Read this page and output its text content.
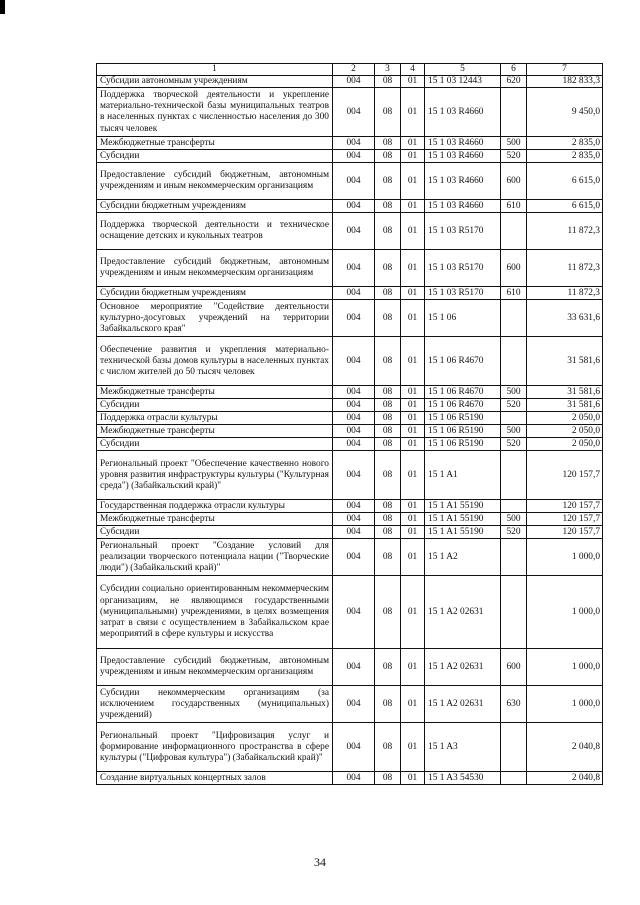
1	2	3	4	5	6	7
Субсидии автономным учреждениям	004	08	01	15 1 03 12443	620	182 833,3
Поддержка творческой деятельности и укрепление материально-технической базы муниципальных театров в населенных пунктах с численностью населения до 300 тысяч человек	004	08	01	15 1 03 R4660		9 450,0
Межбюджетные трансферты	004	08	01	15 1 03 R4660	500	2 835,0
Субсидии	004	08	01	15 1 03 R4660	520	2 835,0
Предоставление субсидий бюджетным, автономным учреждениям и иным некоммерческим организациям	004	08	01	15 1 03 R4660	600	6 615,0
Субсидии бюджетным учреждениям	004	08	01	15 1 03 R4660	610	6 615,0
Поддержка творческой деятельности и техническое оснащение детских и кукольных театров	004	08	01	15 1 03 R5170		11 872,3
Предоставление субсидий бюджетным, автономным учреждениям и иным некоммерческим организациям	004	08	01	15 1 03 R5170	600	11 872,3
Субсидии бюджетным учреждениям	004	08	01	15 1 03 R5170	610	11 872,3
Основное мероприятие "Содействие деятельности культурно-досуговых учреждений на территории Забайкальского края"	004	08	01	15 1 06		33 631,6
Обеспечение развития и укрепления материально-технической базы домов культуры в населенных пунктах с числом жителей до 50 тысяч человек	004	08	01	15 1 06 R4670		31 581,6
Межбюджетные трансферты	004	08	01	15 1 06 R4670	500	31 581,6
Субсидии	004	08	01	15 1 06 R4670	520	31 581,6
Поддержка отрасли культуры	004	08	01	15 1 06 R5190		2 050,0
Межбюджетные трансферты	004	08	01	15 1 06 R5190	500	2 050,0
Субсидии	004	08	01	15 1 06 R5190	520	2 050,0
Региональный проект "Обеспечение качественно нового уровня развития инфраструктуры культуры ("Культурная среда") (Забайкальский край)"	004	08	01	15 1 A1		120 157,7
Государственная поддержка отрасли культуры	004	08	01	15 1 A1 55190		120 157,7
Межбюджетные трансферты	004	08	01	15 1 A1 55190	500	120 157,7
Субсидии	004	08	01	15 1 A1 55190	520	120 157,7
Региональный проект "Создание условий для реализации творческого потенциала нации ("Творческие люди") (Забайкальский край)"	004	08	01	15 1 A2		1 000,0
Субсидии социально ориентированным некоммерческим организациям, не являющимся государственными (муниципальными) учреждениями, в целях возмещения затрат в связи с осуществлением в Забайкальском крае мероприятий в сфере культуры и искусства	004	08	01	15 1 A2 02631		1 000,0
Предоставление субсидий бюджетным, автономным учреждениям и иным некоммерческим организациям	004	08	01	15 1 A2 02631	600	1 000,0
Субсидии некоммерческим организациям (за исключением государственных (муниципальных) учреждений)	004	08	01	15 1 A2 02631	630	1 000,0
Региональный проект "Цифровизация услуг и формирование информационного пространства в сфере культуры ("Цифровая культура") (Забайкальский край)"	004	08	01	15 1 A3		2 040,8
Создание виртуальных концертных залов	004	08	01	15 1 A3 54530		2 040,8
34
